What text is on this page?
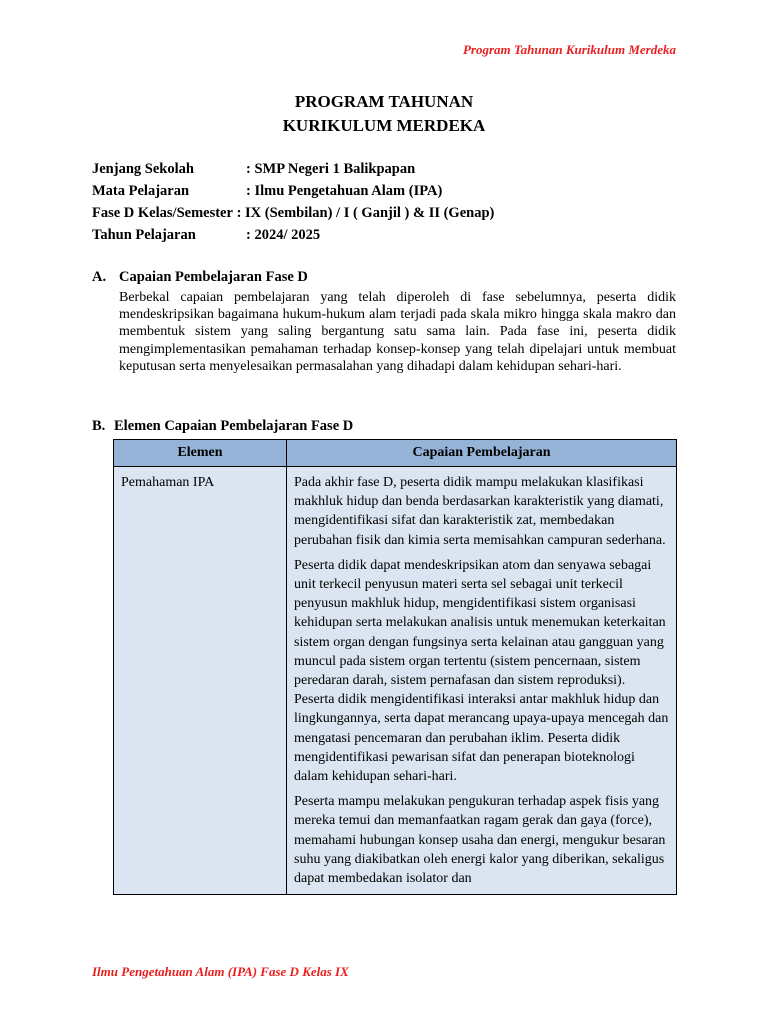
Program Tahunan Kurikulum Merdeka
PROGRAM TAHUNAN
KURIKULUM MERDEKA
Jenjang Sekolah	: SMP Negeri 1 Balikpapan
Mata Pelajaran	: Ilmu Pengetahuan Alam (IPA)
Fase D Kelas/Semester
: IX (Sembilan) / I ( Ganjil ) & II (Genap)
Tahun Pelajaran	: 2024/ 2025
A. Capaian Pembelajaran Fase D
Berbekal capaian pembelajaran yang telah diperoleh di fase sebelumnya, peserta didik mendeskripsikan bagaimana hukum-hukum alam terjadi pada skala mikro hingga skala makro dan membentuk sistem yang saling bergantung satu sama lain. Pada fase ini, peserta didik mengimplementasikan pemahaman terhadap konsep-konsep yang telah dipelajari untuk membuat keputusan serta menyelesaikan permasalahan yang dihadapi dalam kehidupan sehari-hari.
B. Elemen Capaian Pembelajaran Fase D
Elemen	Capaian Pembelajaran
Pemahaman IPA	Pada akhir fase D, peserta didik mampu melakukan klasifikasi makhluk hidup dan benda berdasarkan karakteristik yang diamati, mengidentifikasi sifat dan karakteristik zat, membedakan perubahan fisik dan kimia serta memisahkan campuran sederhana.
Peserta didik dapat mendeskripsikan atom dan senyawa sebagai unit terkecil penyusun materi serta sel sebagai unit terkecil penyusun makhluk hidup, mengidentifikasi sistem organisasi kehidupan serta melakukan analisis untuk menemukan keterkaitan sistem organ dengan fungsinya serta kelainan atau gangguan yang muncul pada sistem organ tertentu (sistem pencernaan, sistem peredaran darah, sistem pernafasan dan sistem reproduksi). Peserta didik mengidentifikasi interaksi antar makhluk hidup dan lingkungannya, serta dapat merancang upaya-upaya mencegah dan mengatasi pencemaran dan perubahan iklim. Peserta didik mengidentifikasi pewarisan sifat dan penerapan bioteknologi dalam kehidupan sehari-hari.
Peserta mampu melakukan pengukuran terhadap aspek fisis yang mereka temui dan memanfaatkan ragam gerak dan gaya (force), memahami hubungan konsep usaha dan energi, mengukur besaran suhu yang diakibatkan oleh energi kalor yang diberikan, sekaligus dapat membedakan isolator dan
Ilmu Pengetahuan Alam (IPA) Fase D Kelas IX
